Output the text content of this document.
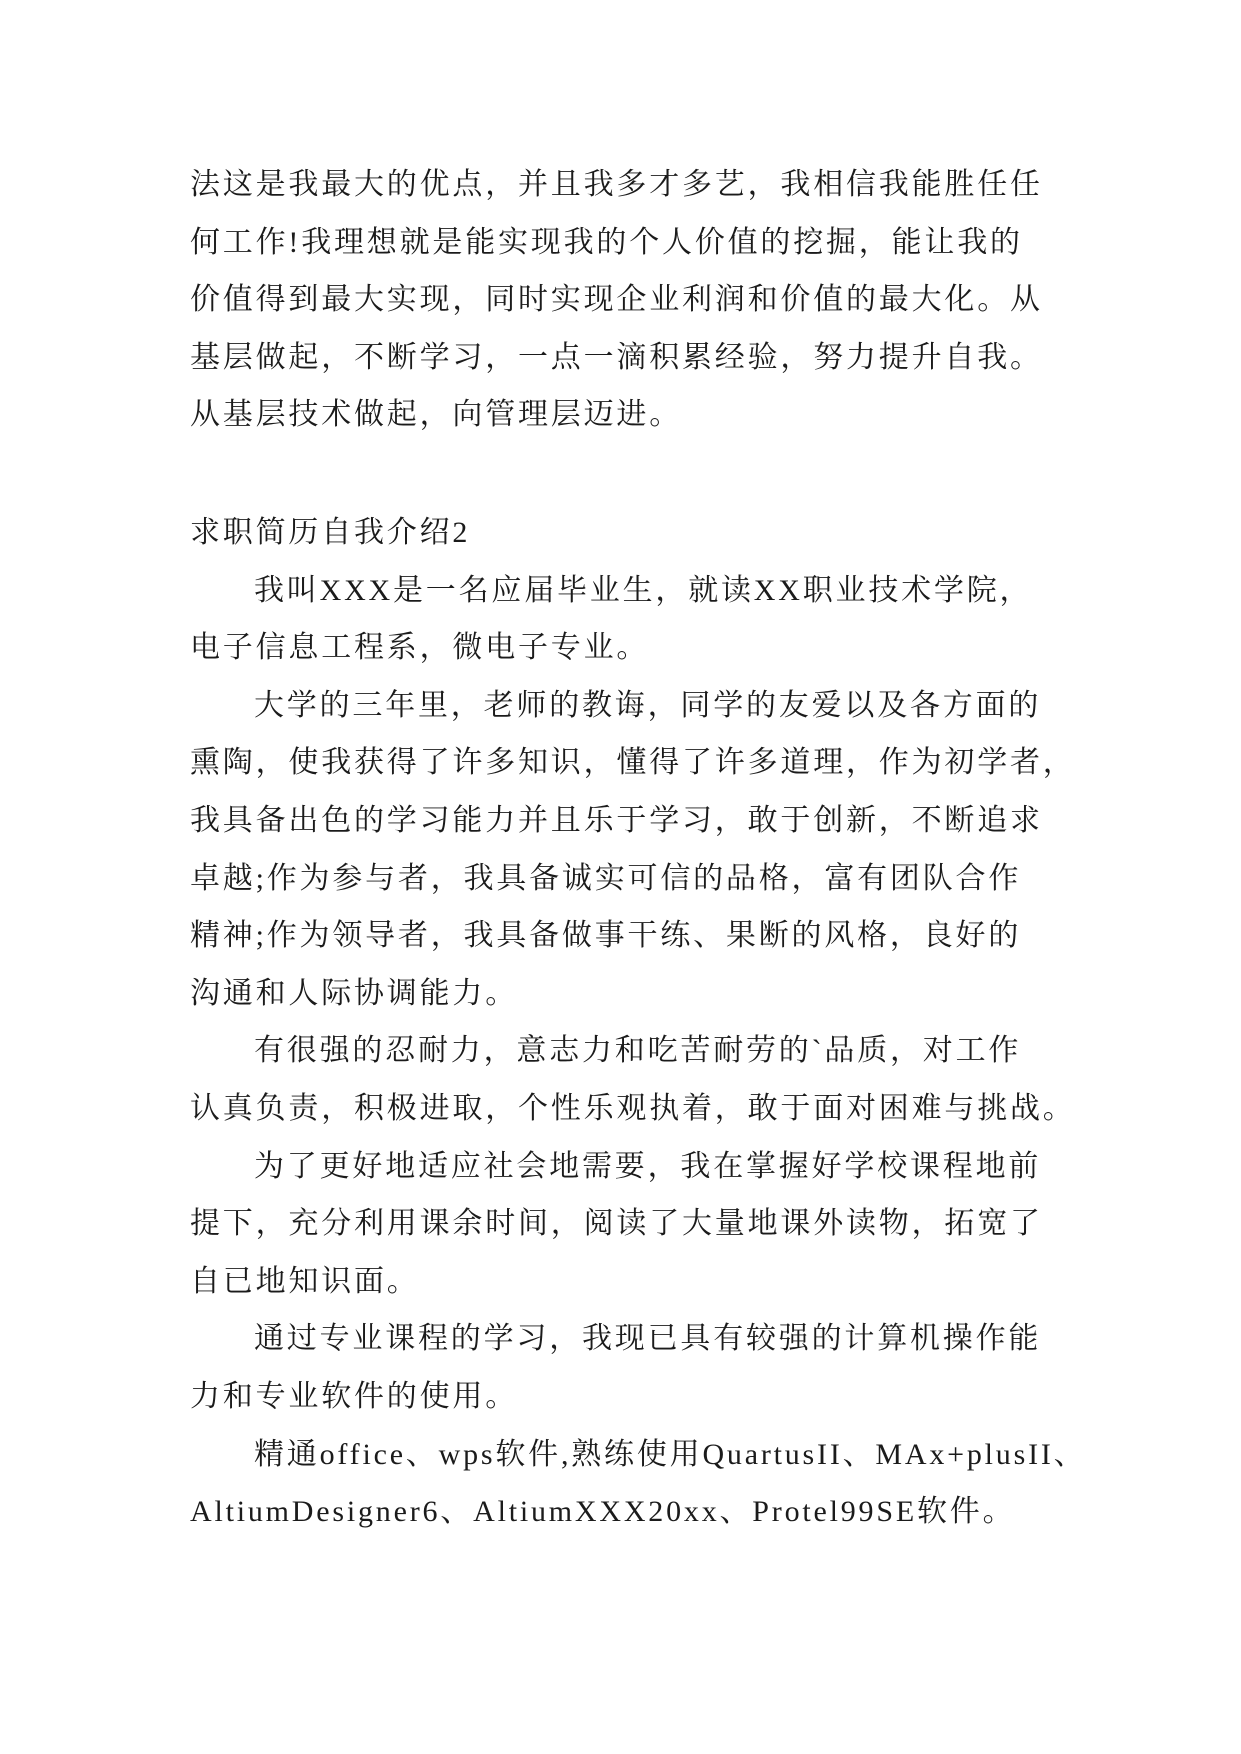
法这是我最大的优点，并且我多才多艺，我相信我能胜任任
何工作!我理想就是能实现我的个人价值的挖掘，能让我的
价值得到最大实现，同时实现企业利润和价值的最大化。从
基层做起，不断学习，一点一滴积累经验，努力提升自我。
从基层技术做起，向管理层迈进。
求职简历自我介绍2
我叫XXX是一名应届毕业生，就读XX职业技术学院，
电子信息工程系，微电子专业。
大学的三年里，老师的教诲，同学的友爱以及各方面的
熏陶，使我获得了许多知识，懂得了许多道理，作为初学者，
我具备出色的学习能力并且乐于学习，敢于创新，不断追求
卓越;作为参与者，我具备诚实可信的品格，富有团队合作
精神;作为领导者，我具备做事干练、果断的风格，良好的
沟通和人际协调能力。
有很强的忍耐力，意志力和吃苦耐劳的`品质，对工作
认真负责，积极进取，个性乐观执着，敢于面对困难与挑战。
为了更好地适应社会地需要，我在掌握好学校课程地前
提下，充分利用课余时间，阅读了大量地课外读物，拓宽了
自已地知识面。
通过专业课程的学习，我现已具有较强的计算机操作能
力和专业软件的使用。
精通office、wps软件,熟练使用QuartusII、MAx+plusII、
AltiumDesigner6、AltiumXXX20xx、Protel99SE软件。
